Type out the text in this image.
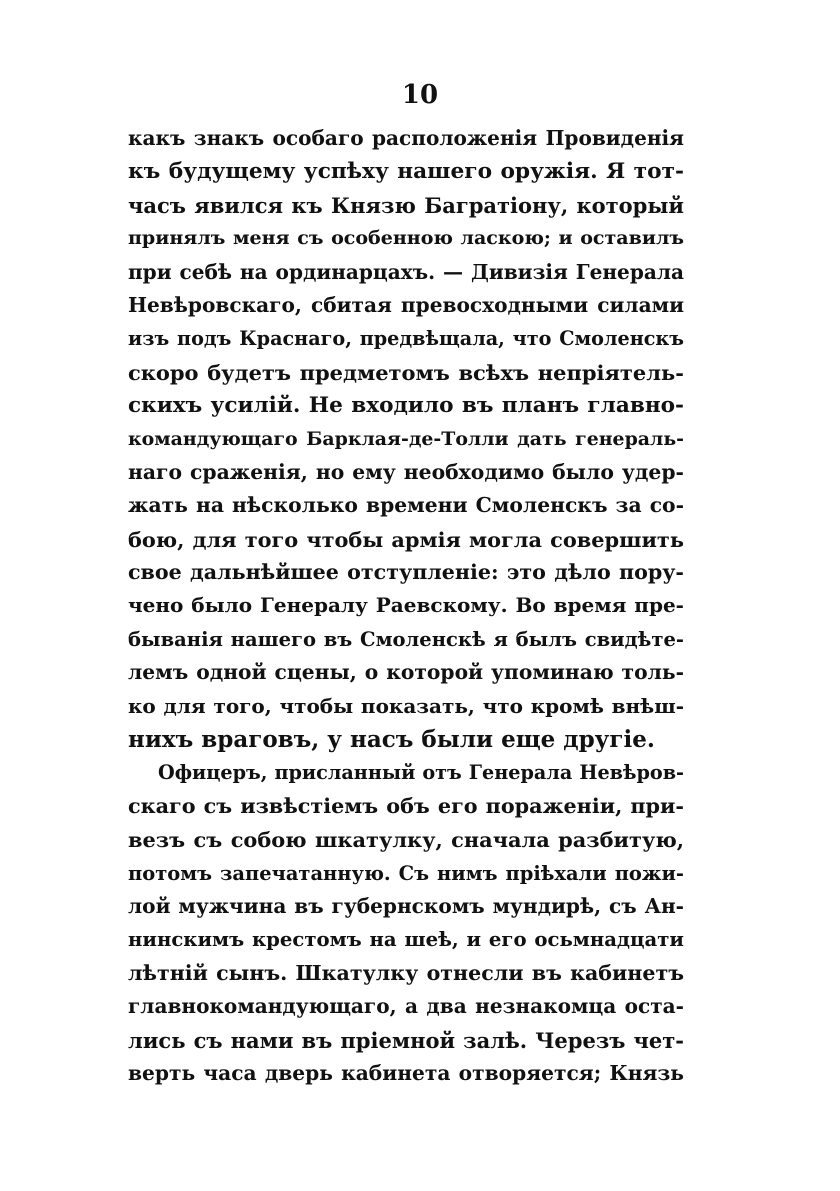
10
какъ знакъ особаго расположенія Провиденія
къ будущему успѣху нашего оружія. Я тот-
часъ явился къ Князю Багратіону, который
принялъ меня съ особенною ласкою; и оставилъ
при себѣ на ординарцахъ. — Дивизія Генерала
Невѣровскаго, сбитая превосходными силами
изъ подъ Краснаго, предвѣщала, что Смоленскъ
скоро будетъ предметомъ всѣхъ непріятель-
скихъ усилій. Не входило въ планъ главно-
командующаго Барклая-де-Толли дать генераль-
наго сраженія, но ему необходимо было удер-
жать на нѣсколько времени Смоленскъ за со-
бою, для того чтобы армія могла совершить
свое дальнѣйшее отступленіе: это дѣло пору-
чено было Генералу Раевскому. Во время пре-
быванія нашего въ Смоленскѣ я былъ свидѣте-
лемъ одной сцены, о которой упоминаю толь-
ко для того, чтобы показать, что кромѣ внѣш-
нихъ враговъ, у насъ были еще другіе.
Офицеръ, присланный отъ Генерала Невѣров-
скаго съ извѣстіемъ объ его пораженіи, при-
везъ съ собою шкатулку, сначала разбитую,
потомъ запечатанную. Съ нимъ пріѣхали пожи-
лой мужчина въ губернскомъ мундирѣ, съ Ан-
нинскимъ крестомъ на шеѣ, и его осьмнадцати
лѣтній сынъ. Шкатулку отнесли въ кабинетъ
главнокомандующаго, а два незнакомца оста-
лись съ нами въ пріемной залѣ. Черезъ чет-
верть часа дверь кабинета отворяется; Князь
